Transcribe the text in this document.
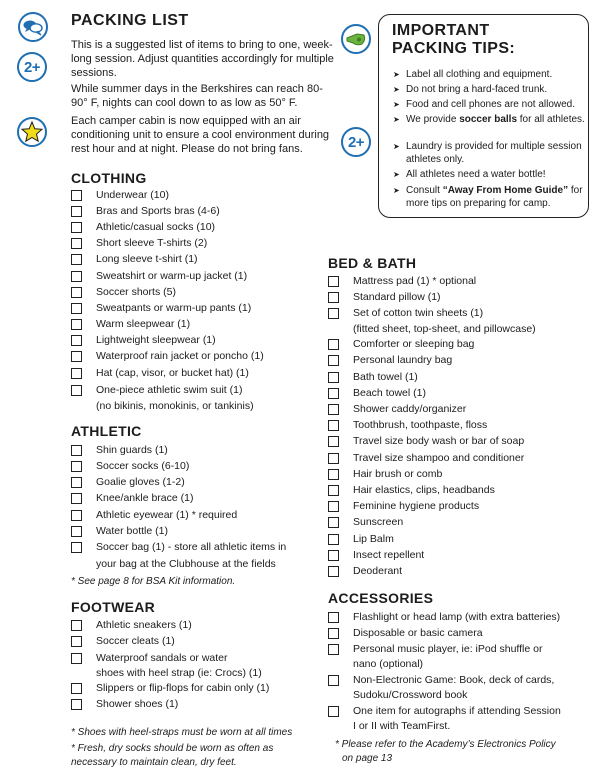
2+
PACKING LIST
This is a suggested list of items to bring to one, week-long session. Adjust quantities accordingly for multiple sessions.
While summer days in the Berkshires can reach 80-90° F, nights can cool down to as low as 50° F.
Each camper cabin is now equipped with an air conditioning unit to ensure a cool environment during rest hour and at night. Please do not bring fans.	2+
IMPORTANT
PACKING TIPS:
➤ Label all clothing and equipment.
➤ Do not bring a hard-faced trunk.
➤ Food and cell phones are not allowed.
➤ We provide soccer balls for all athletes.
➤ Laundry is provided for multiple session athletes only.
➤ All athletes need a water bottle!
➤ Consult “Away From Home Guide” for more tips on preparing for camp.
CLOTHING
Underwear (10)
Bras and Sports bras (4-6)
Athletic/casual socks (10)
Short sleeve T-shirts (2)
Long sleeve t-shirt (1)
Sweatshirt or warm-up jacket (1)
Soccer shorts (5)
Sweatpants or warm-up pants (1)
Warm sleepwear (1)
Lightweight sleepwear (1)
Waterproof rain jacket or poncho (1)
Hat (cap, visor, or bucket hat) (1)
One-piece athletic swim suit (1)
(no bikinis, monokinis, or tankinis)
ATHLETIC
Shin guards (1)
Soccer socks (6-10)
Goalie gloves (1-2)
Knee/ankle brace (1)
Athletic eyewear (1) * required
Water bottle (1)
Soccer bag (1) - store all athletic items in
your bag at the Clubhouse at the fields
* See page 8 for BSA Kit information.
FOOTWEAR
Athletic sneakers (1)
Soccer cleats (1)
Waterproof sandals or water
Slippers or flip-flops for cabin only (1)
Shower shoes (1)
shoes with heel strap (ie: Crocs) (1)
* Shoes with heel-straps must be worn at all times
* Fresh, dry socks should be worn as often as
necessary to maintain clean, dry feet.
BED & BATH
Mattress pad (1) * optional
Standard pillow (1)
Set of cotton twin sheets (1)
Comforter or sleeping bag
Personal laundry bag
Bath towel (1)
Beach towel (1)
Shower caddy/organizer
Toothbrush, toothpaste, floss
Travel size body wash or bar of soap
Travel size shampoo and conditioner
Hair brush or comb
Hair elastics, clips, headbands
Feminine hygiene products
Sunscreen
Lip Balm
Insect repellent
Deoderant
(fitted sheet, top-sheet, and pillowcase)
ACCESSORIES
Flashlight or head lamp (with extra batteries)
Disposable or basic camera
Personal music player, ie: iPod shuffle or
Non-Electronic Game: Book, deck of cards,
One item for autographs if attending Session
nano (optional)
Sudoku/Crossword book
I or II with TeamFirst.
* Please refer to the Academy’s Electronics Policy
on page 13
